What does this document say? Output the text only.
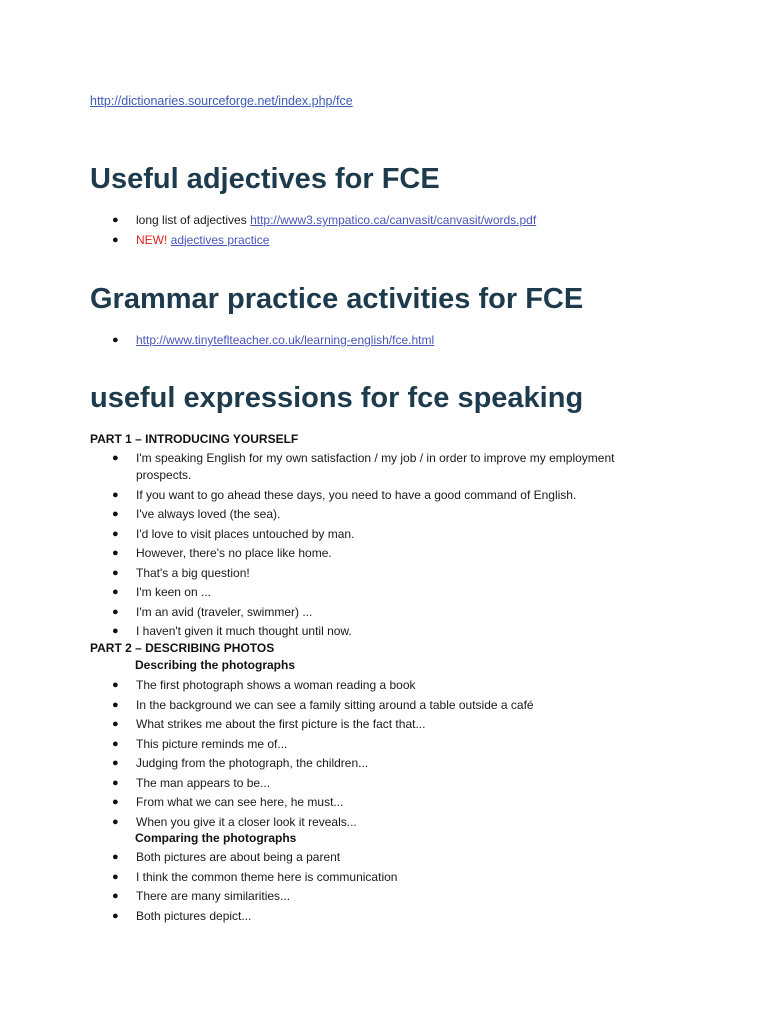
http://dictionaries.sourceforge.net/index.php/fce
Useful adjectives for FCE
● long list of adjectives http://www3.sympatico.ca/canvasit/canvasit/words.pdf
● NEW! adjectives practice
Grammar practice activities for FCE
● http://www.tinyteflteacher.co.uk/learning-english/fce.html
useful expressions for fce speaking

PART 1 – INTRODUCING YOURSELF

● I'm speaking English for my own satisfaction / my job / in order to improve my employment prospects.
● If you want to go ahead these days, you need to have a good command of English.
● I've always loved (the sea).
● I'd love to visit places untouched by man.
● However, there's no place like home.
● That's a big question!
● I'm keen on ...
● I'm an avid (traveler, swimmer) ...
● I haven't given it much thought until now.

PART 2 – DESCRIBING PHOTOS

Describing the photographs

● The first photograph shows a woman reading a book
● In the background we can see a family sitting around a table outside a café
● What strikes me about the first picture is the fact that...
● This picture reminds me of...
● Judging from the photograph, the children...
● The man appears to be...
● From what we can see here, he must...
● When you give it a closer look it reveals...

Comparing the photographs

● Both pictures are about being a parent
● I think the common theme here is communication
● There are many similarities...
● Both pictures depict...
